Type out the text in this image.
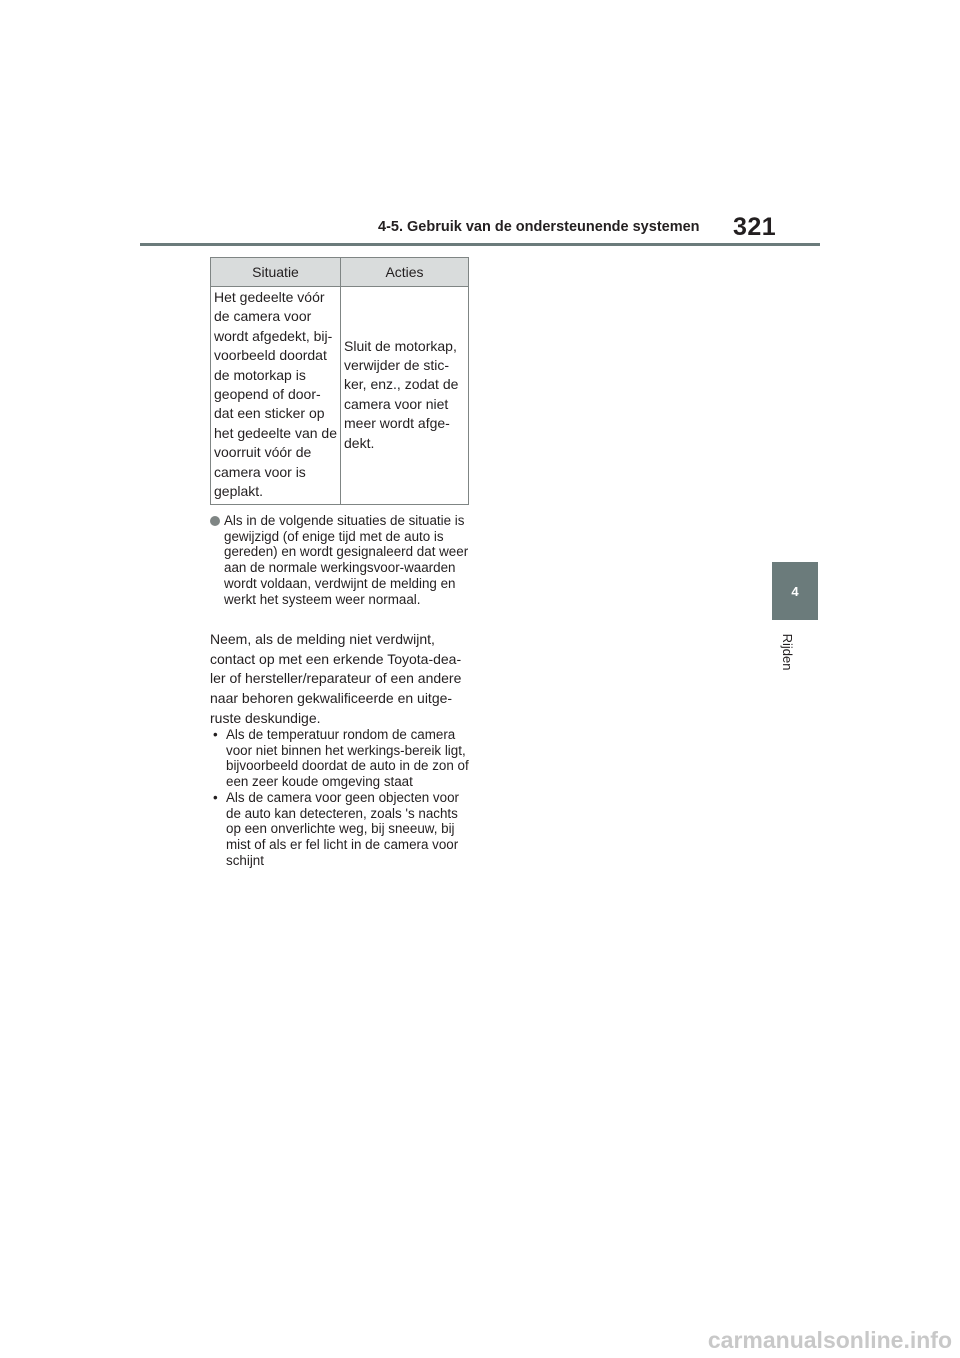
4-5. Gebruik van de ondersteunende systemen 321
4
Rijden
Situatie	Acties
Het gedeelte vóór de camera voor wordt afgedekt, bij-voorbeeld doordat de motorkap is geopend of door-dat een sticker op het gedeelte van de voorruit vóór de camera voor is geplakt.	Sluit de motorkap, verwijder de stic-ker, enz., zodat de camera voor niet meer wordt afge-dekt.
Als in de volgende situaties de situatie is gewijzigd (of enige tijd met de auto is gereden) en wordt gesignaleerd dat weer aan de normale werkingsvoor-waarden wordt voldaan, verdwijnt de melding en werkt het systeem weer normaal.
Neem, als de melding niet verdwijnt, contact op met een erkende Toyota-dea-ler of hersteller/reparateur of een andere naar behoren gekwalificeerde en uitge-ruste deskundige.
• Als de temperatuur rondom de camera voor niet binnen het werkings-bereik ligt, bijvoorbeeld doordat de auto in de zon of een zeer koude omgeving staat
• Als de camera voor geen objecten voor de auto kan detecteren, zoals 's nachts op een onverlichte weg, bij sneeuw, bij mist of als er fel licht in de camera voor schijnt
carmanualsonline.info
